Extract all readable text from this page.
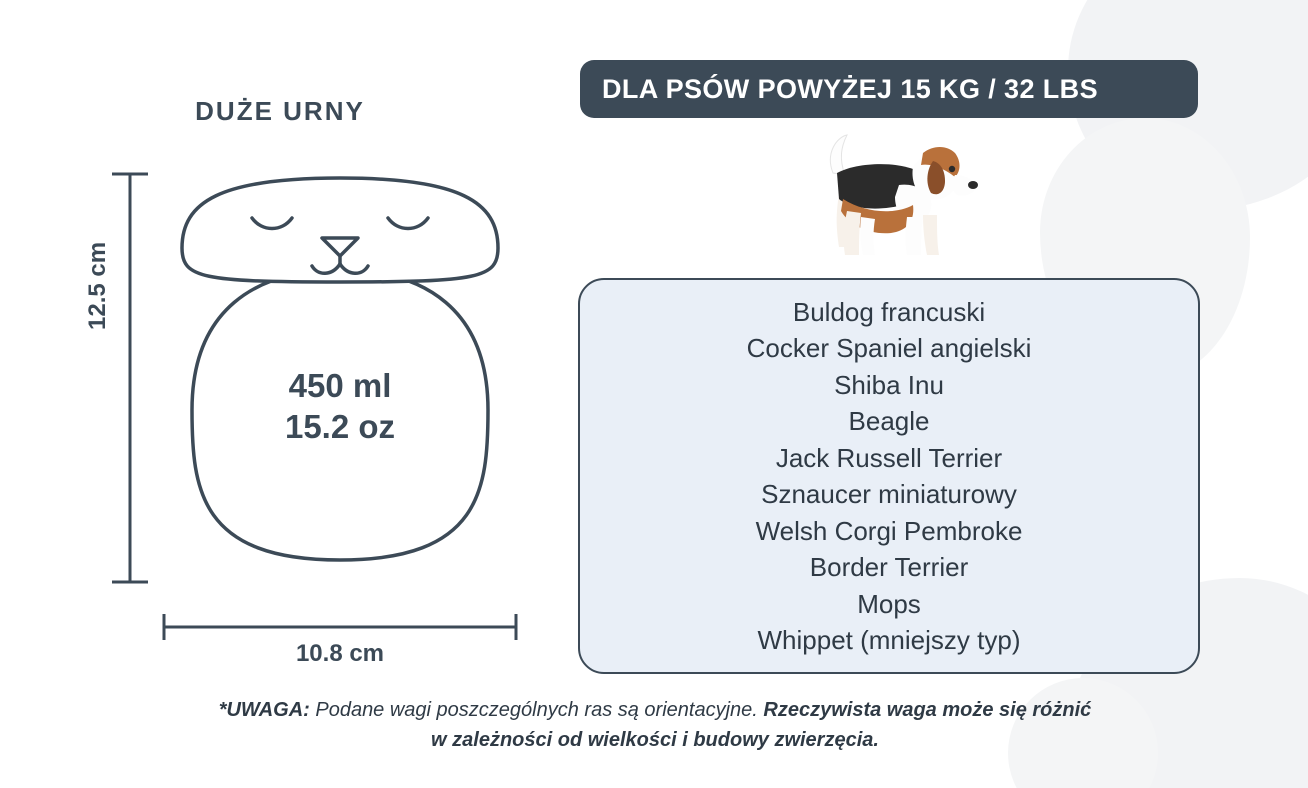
DUŻE URNY
450 ml
15.2 oz
12.5 cm
10.8 cm
DLA PSÓW POWYŻEJ 15 KG / 32 LBS
Buldog francuski
Cocker Spaniel angielski
Shiba Inu
Beagle
Jack Russell Terrier
Sznaucer miniaturowy
Welsh Corgi Pembroke
Border Terrier
Mops
Whippet (mniejszy typ)
*UWAGA: Podane wagi poszczególnych ras są orientacyjne. Rzeczywista waga może się różnić w zależności od wielkości i budowy zwierzęcia.
